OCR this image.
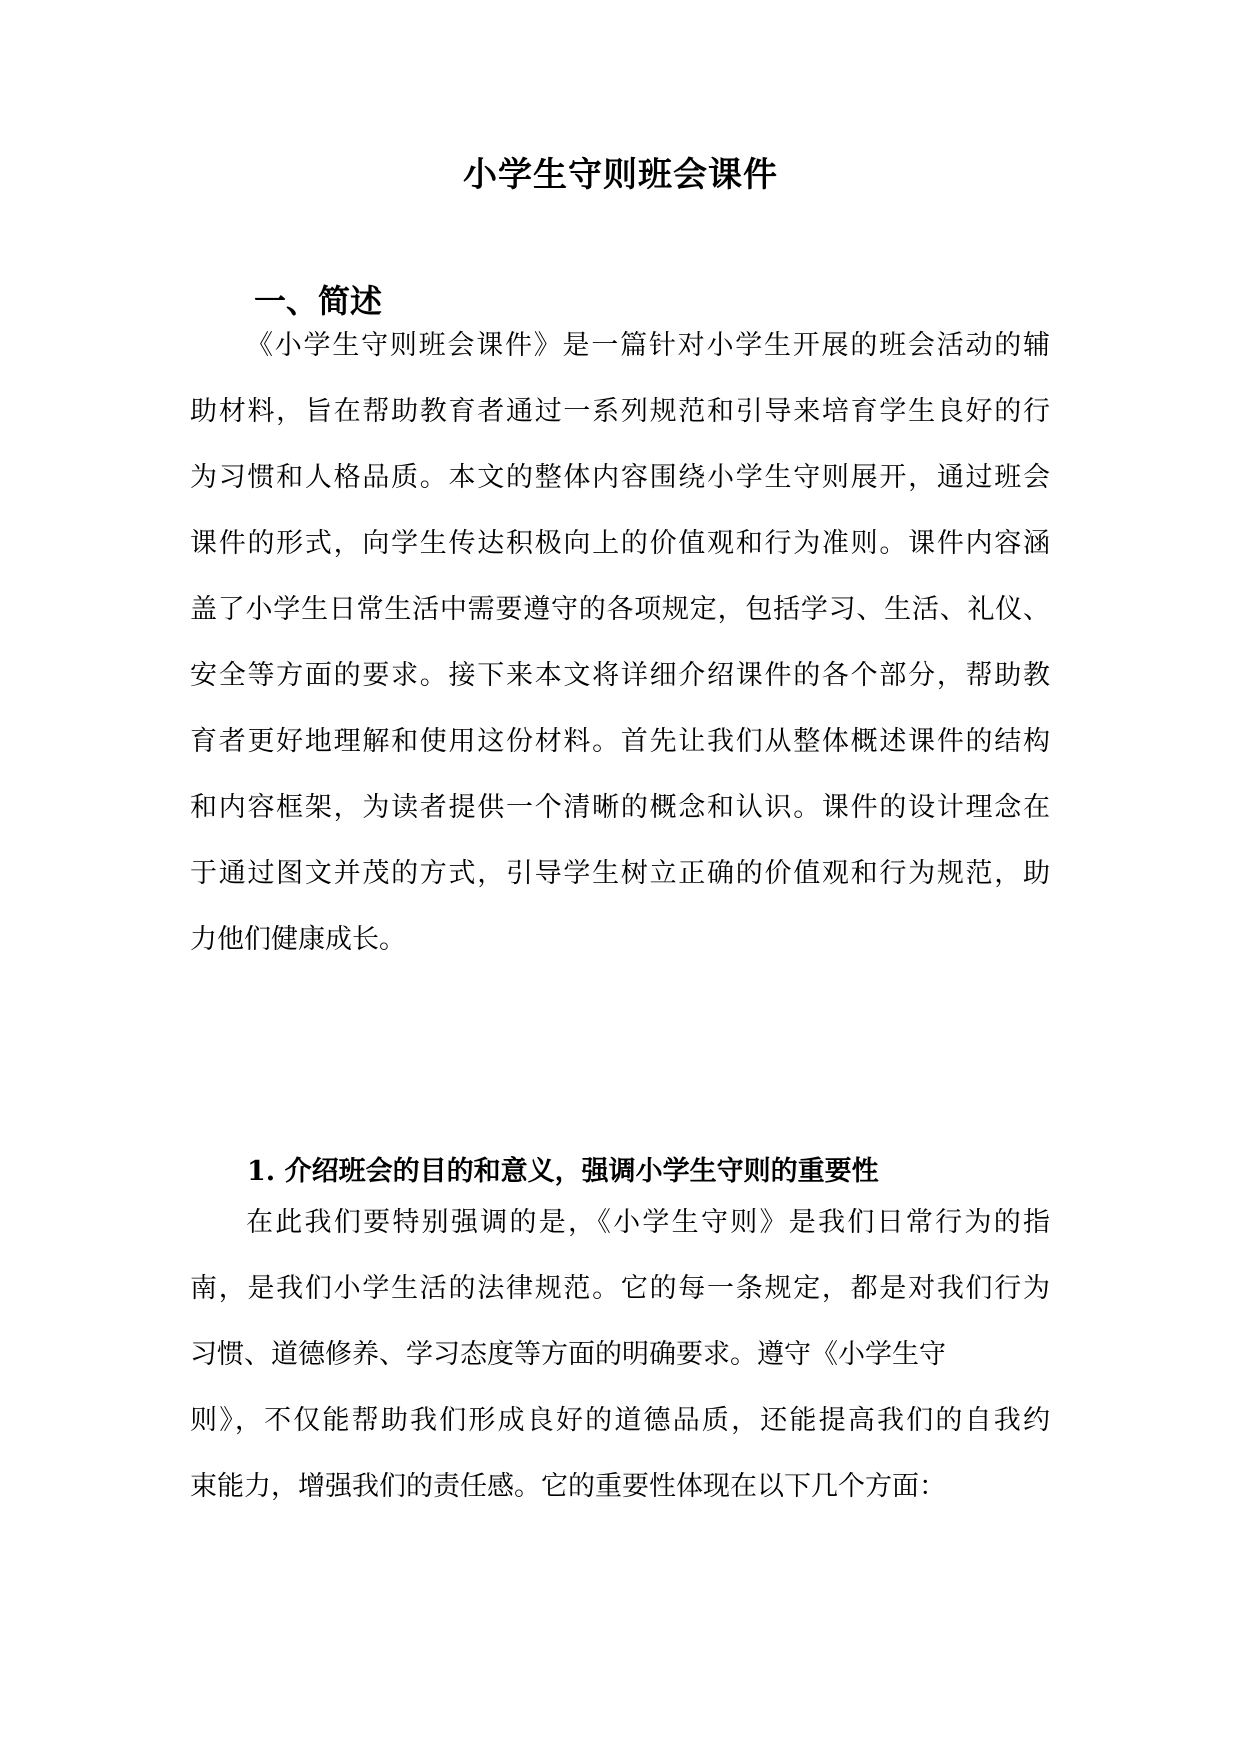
小学生守则班会课件
一、简述
《小学生守则班会课件》是一篇针对小学生开展的班会活动的辅
助材料，旨在帮助教育者通过一系列规范和引导来培育学生良好的行
为习惯和人格品质。本文的整体内容围绕小学生守则展开，通过班会
课件的形式，向学生传达积极向上的价值观和行为准则。课件内容涵
盖了小学生日常生活中需要遵守的各项规定，包括学习、生活、礼仪、
安全等方面的要求。接下来本文将详细介绍课件的各个部分，帮助教
育者更好地理解和使用这份材料。首先让我们从整体概述课件的结构
和内容框架，为读者提供一个清晰的概念和认识。课件的设计理念在
于通过图文并茂的方式，引导学生树立正确的价值观和行为规范，助
力他们健康成长。
1. 介绍班会的目的和意义，强调小学生守则的重要性
在此我们要特别强调的是，《小学生守则》是我们日常行为的指
南，是我们小学生活的法律规范。它的每一条规定，都是对我们行为
习惯、道德修养、学习态度等方面的明确要求。遵守《小学生守
则》，不仅能帮助我们形成良好的道德品质，还能提高我们的自我约
束能力，增强我们的责任感。它的重要性体现在以下几个方面：
